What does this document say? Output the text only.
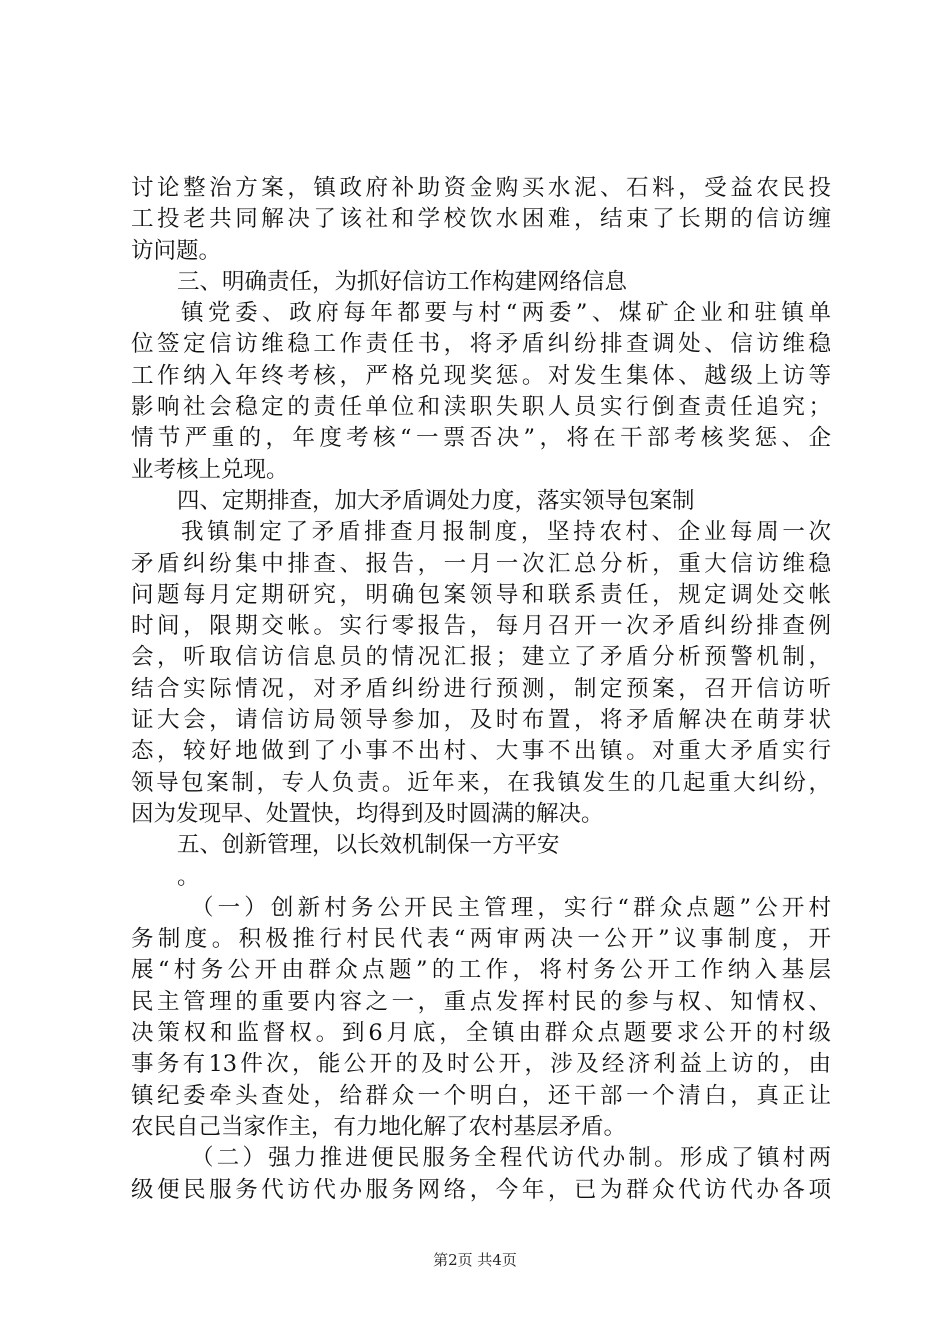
讨论整治方案，镇政府补助资金购买水泥、石料，受益农民投
工投老共同解决了该社和学校饮水困难，结束了长期的信访缠
访问题。
三、明确责任，为抓好信访工作构建网络信息
镇党委、政府每年都要与村“两委”、煤矿企业和驻镇单
位签定信访维稳工作责任书，将矛盾纠纷排查调处、信访维稳
工作纳入年终考核，严格兑现奖惩。对发生集体、越级上访等
影响社会稳定的责任单位和渎职失职人员实行倒查责任追究；
情节严重的，年度考核“一票否决”，将在干部考核奖惩、企
业考核上兑现。
四、定期排查，加大矛盾调处力度，落实领导包案制
我镇制定了矛盾排查月报制度，坚持农村、企业每周一次
矛盾纠纷集中排查、报告，一月一次汇总分析，重大信访维稳
问题每月定期研究，明确包案领导和联系责任，规定调处交帐
时间，限期交帐。实行零报告，每月召开一次矛盾纠纷排查例
会，听取信访信息员的情况汇报；建立了矛盾分析预警机制，
结合实际情况，对矛盾纠纷进行预测，制定预案，召开信访听
证大会，请信访局领导参加，及时布置，将矛盾解决在萌芽状
态，较好地做到了小事不出村、大事不出镇。对重大矛盾实行
领导包案制，专人负责。近年来，在我镇发生的几起重大纠纷，
因为发现早、处置快，均得到及时圆满的解决。
五、创新管理，以长效机制保一方平安
。
（一）创新村务公开民主管理，实行“群众点题”公开村
务制度。积极推行村民代表“两审两决一公开”议事制度，开
展“村务公开由群众点题”的工作，将村务公开工作纳入基层
民主管理的重要内容之一，重点发挥村民的参与权、知情权、
决策权和监督权。到6月底，全镇由群众点题要求公开的村级
事务有13件次，能公开的及时公开，涉及经济利益上访的，由
镇纪委牵头查处，给群众一个明白，还干部一个清白，真正让
农民自己当家作主，有力地化解了农村基层矛盾。
（二）强力推进便民服务全程代访代办制。形成了镇村两
级便民服务代访代办服务网络，今年，已为群众代访代办各项
第2页 共4页
